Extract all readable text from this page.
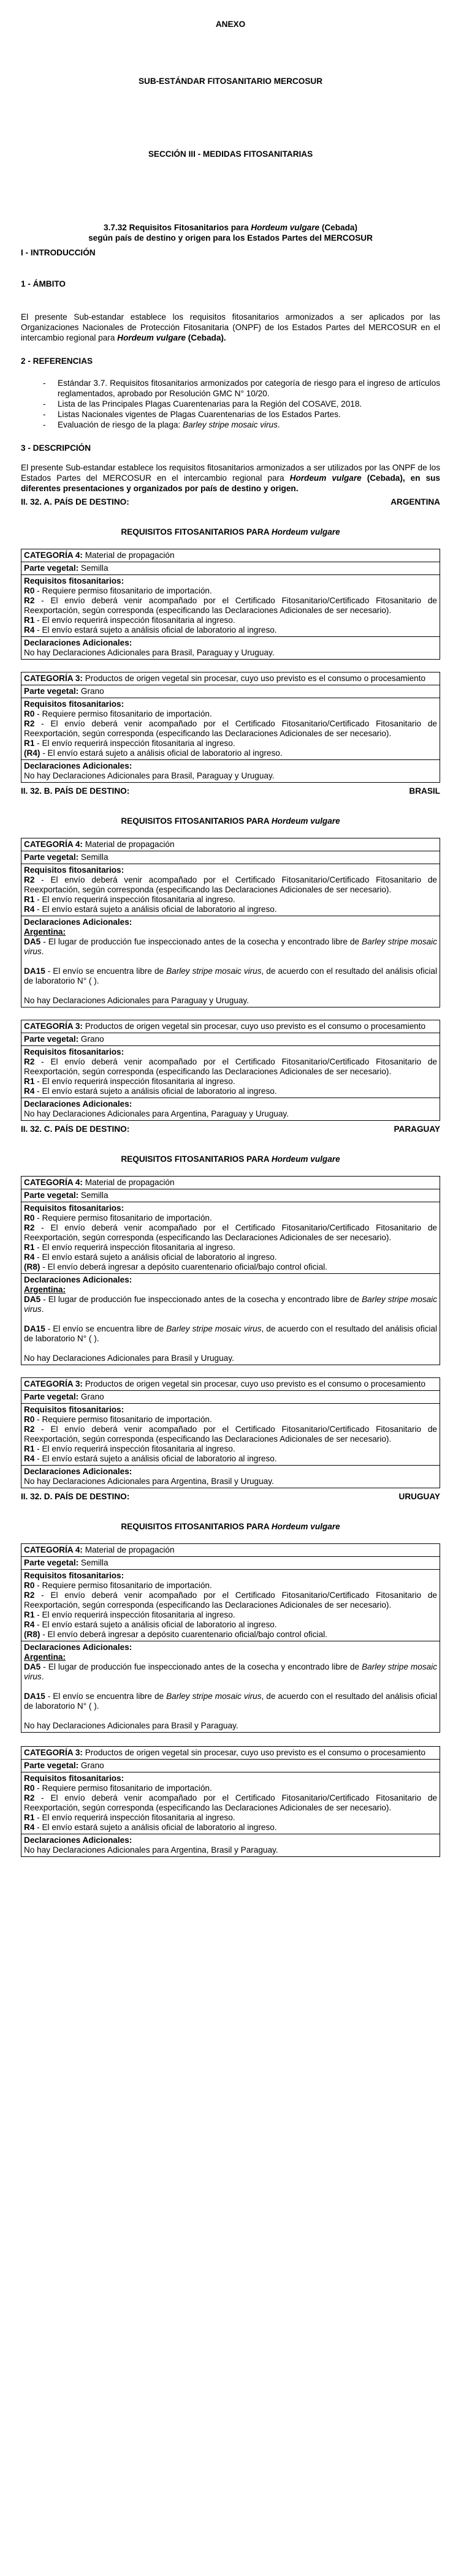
ANEXO

SUB-ESTÁNDAR FITOSANITARIO MERCOSUR

SECCIÓN III - MEDIDAS FITOSANITARIAS

3.7.32 Requisitos Fitosanitarios para Hordeum vulgare (Cebada)
según país de destino y origen para los Estados Partes del MERCOSUR

I - INTRODUCCIÓN

1 - ÁMBITO

El presente Sub-estandar establece los requisitos fitosanitarios armonizados a ser aplicados por las Organizaciones Nacionales de Protección Fitosanitaria (ONPF) de los Estados Partes del MERCOSUR en el intercambio regional para Hordeum vulgare (Cebada).

2 - REFERENCIAS

- Estándar 3.7. Requisitos fitosanitarios armonizados por categoría de riesgo para el ingreso de artículos reglamentados, aprobado por Resolución GMC N° 10/20.
- Lista de las Principales Plagas Cuarentenarias para la Región del COSAVE, 2018.
- Listas Nacionales vigentes de Plagas Cuarentenarias de los Estados Partes.
- Evaluación de riesgo de la plaga: Barley stripe mosaic virus.

3 - DESCRIPCIÓN

El presente Sub-estandar establece los requisitos fitosanitarios armonizados a ser utilizados por las ONPF de los Estados Partes del MERCOSUR en el intercambio regional para Hordeum vulgare (Cebada), en sus diferentes presentaciones y organizados por país de destino y origen.

II. 32. A. PAÍS DE DESTINO:	ARGENTINA

REQUISITOS FITOSANITARIOS PARA Hordeum vulgare

CATEGORÍA 4: Material de propagación
Parte vegetal: Semilla
Requisitos fitosanitarios:
R0 - Requiere permiso fitosanitario de importación.
R2 - El envío deberá venir acompañado por el Certificado Fitosanitario/Certificado Fitosanitario de Reexportación, según corresponda (especificando las Declaraciones Adicionales de ser necesario).
R1 - El envío requerirá inspección fitosanitaria al ingreso.
R4 - El envío estará sujeto a análisis oficial de laboratorio al ingreso.
Declaraciones Adicionales:
No hay Declaraciones Adicionales para Brasil, Paraguay y Uruguay.
CATEGORÍA 3: Productos de origen vegetal sin procesar, cuyo uso previsto es el consumo o procesamiento
Parte vegetal: Grano
Requisitos fitosanitarios:
R0 - Requiere permiso fitosanitario de importación.
R2 - El envío deberá venir acompañado por el Certificado Fitosanitario/Certificado Fitosanitario de Reexportación, según corresponda (especificando las Declaraciones Adicionales de ser necesario).
R1 - El envío requerirá inspección fitosanitaria al ingreso.
(R4) - El envío estará sujeto a análisis oficial de laboratorio al ingreso.
Declaraciones Adicionales:
No hay Declaraciones Adicionales para Brasil, Paraguay y Uruguay.
II. 32. B. PAÍS DE DESTINO:	BRASIL

REQUISITOS FITOSANITARIOS PARA Hordeum vulgare

CATEGORÍA 4: Material de propagación
Parte vegetal: Semilla
Requisitos fitosanitarios:
R2 - El envío deberá venir acompañado por el Certificado Fitosanitario/Certificado Fitosanitario de Reexportación, según corresponda (especificando las Declaraciones Adicionales de ser necesario).
R1 - El envío requerirá inspección fitosanitaria al ingreso.
R4 - El envío estará sujeto a análisis oficial de laboratorio al ingreso.
Declaraciones Adicionales:
Argentina:
DA5 - El lugar de producción fue inspeccionado antes de la cosecha y encontrado libre de Barley stripe mosaic virus.
DA15 - El envío se encuentra libre de Barley stripe mosaic virus, de acuerdo con el resultado del análisis oficial de laboratorio N° ( ).
No hay Declaraciones Adicionales para Paraguay y Uruguay.
CATEGORÍA 3: Productos de origen vegetal sin procesar, cuyo uso previsto es el consumo o procesamiento
Parte vegetal: Grano
Requisitos fitosanitarios:
R2 - El envío deberá venir acompañado por el Certificado Fitosanitario/Certificado Fitosanitario de Reexportación, según corresponda (especificando las Declaraciones Adicionales de ser necesario).
R1 - El envío requerirá inspección fitosanitaria al ingreso.
R4 - El envío estará sujeto a análisis oficial de laboratorio al ingreso.
Declaraciones Adicionales:
No hay Declaraciones Adicionales para Argentina, Paraguay y Uruguay.
II. 32. C. PAÍS DE DESTINO:	PARAGUAY

REQUISITOS FITOSANITARIOS PARA Hordeum vulgare

CATEGORÍA 4: Material de propagación
Parte vegetal: Semilla
Requisitos fitosanitarios:
R0 - Requiere permiso fitosanitario de importación.
R2 - El envío deberá venir acompañado por el Certificado Fitosanitario/Certificado Fitosanitario de Reexportación, según corresponda (especificando las Declaraciones Adicionales de ser necesario).
R1 - El envío requerirá inspección fitosanitaria al ingreso.
R4 - El envío estará sujeto a análisis oficial de laboratorio al ingreso.
(R8) - El envío deberá ingresar a depósito cuarentenario oficial/bajo control oficial.
Declaraciones Adicionales:
Argentina:
DA5 - El lugar de producción fue inspeccionado antes de la cosecha y encontrado libre de Barley stripe mosaic virus.
DA15 - El envío se encuentra libre de Barley stripe mosaic virus, de acuerdo con el resultado del análisis oficial de laboratorio N° ( ).
No hay Declaraciones Adicionales para Brasil y Uruguay.
CATEGORÍA 3: Productos de origen vegetal sin procesar, cuyo uso previsto es el consumo o procesamiento
Parte vegetal: Grano
Requisitos fitosanitarios:
R0 - Requiere permiso fitosanitario de importación.
R2 - El envío deberá venir acompañado por el Certificado Fitosanitario/Certificado Fitosanitario de Reexportación, según corresponda (especificando las Declaraciones Adicionales de ser necesario).
R1 - El envío requerirá inspección fitosanitaria al ingreso.
R4 - El envío estará sujeto a análisis oficial de laboratorio al ingreso.
Declaraciones Adicionales:
No hay Declaraciones Adicionales para Argentina, Brasil y Uruguay.
II. 32. D. PAÍS DE DESTINO:	URUGUAY

REQUISITOS FITOSANITARIOS PARA Hordeum vulgare

CATEGORÍA 4: Material de propagación
Parte vegetal: Semilla
Requisitos fitosanitarios:
R0 - Requiere permiso fitosanitario de importación.
R2 - El envío deberá venir acompañado por el Certificado Fitosanitario/Certificado Fitosanitario de Reexportación, según corresponda (especificando las Declaraciones Adicionales de ser necesario).
R1 - El envío requerirá inspección fitosanitaria al ingreso.
R4 - El envío estará sujeto a análisis oficial de laboratorio al ingreso.
(R8) - El envío deberá ingresar a depósito cuarentenario oficial/bajo control oficial.
Declaraciones Adicionales:
Argentina:
DA5 - El lugar de producción fue inspeccionado antes de la cosecha y encontrado libre de Barley stripe mosaic virus.
DA15 - El envío se encuentra libre de Barley stripe mosaic virus, de acuerdo con el resultado del análisis oficial de laboratorio N° ( ).
No hay Declaraciones Adicionales para Brasil y Paraguay.
CATEGORÍA 3: Productos de origen vegetal sin procesar, cuyo uso previsto es el consumo o procesamiento
Parte vegetal: Grano
Requisitos fitosanitarios:
R0 - Requiere permiso fitosanitario de importación.
R2 - El envío deberá venir acompañado por el Certificado Fitosanitario/Certificado Fitosanitario de Reexportación, según corresponda (especificando las Declaraciones Adicionales de ser necesario).
R1 - El envío requerirá inspección fitosanitaria al ingreso.
R4 - El envío estará sujeto a análisis oficial de laboratorio al ingreso.
Declaraciones Adicionales:
No hay Declaraciones Adicionales para Argentina, Brasil y Paraguay.
